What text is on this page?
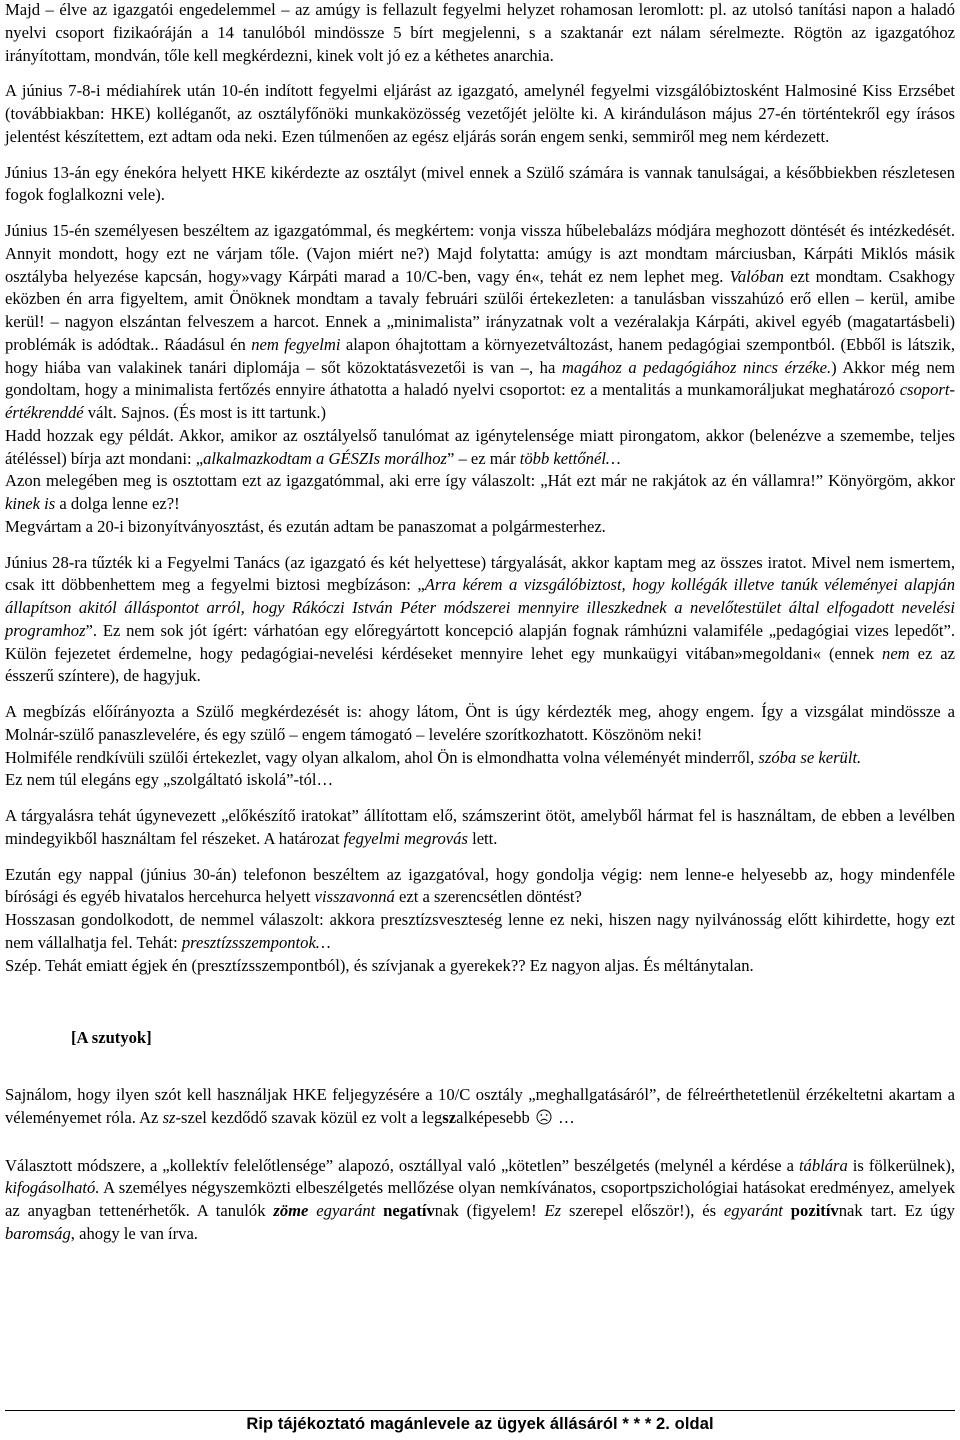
Majd – élve az igazgatói engedelemmel – az amúgy is fellazult fegyelmi helyzet rohamosan leromlott: pl. az utolsó tanítási napon a haladó nyelvi csoport fizikaóráján a 14 tanulóból mindössze 5 bírt megjelenni, s a szaktanár ezt nálam sérelmezte. Rögtön az igazgatóhoz irányítottam, mondván, tőle kell megkérdezni, kinek volt jó ez a kéthetes anarchia.

A június 7-8-i médiahírek után 10-én indított fegyelmi eljárást az igazgató, amelynél fegyelmi vizsgálóbiztosként Halmosiné Kiss Erzsébet (továbbiakban: HKE) kolléganőt, az osztályfőnöki munkaközösség vezetőjét jelölte ki. A kiránduláson május 27-én történtekről egy írásos jelentést készítettem, ezt adtam oda neki. Ezen túlmenően az egész eljárás során engem senki, semmiről meg nem kérdezett.

Június 13-án egy énekóra helyett HKE kikérdezte az osztályt (mivel ennek a Szülő számára is vannak tanulságai, a későbbiekben részletesen fogok foglalkozni vele).

Június 15-én személyesen beszéltem az igazgatómmal, és megkértem: vonja vissza hűbelebalázs módjára meghozott döntését és intézkedését. Annyit mondott, hogy ezt ne várjam tőle. (Vajon miért ne?) Majd folytatta: amúgy is azt mondtam márciusban, Kárpáti Miklós másik osztályba helyezése kapcsán, hogy»vagy Kárpáti marad a 10/C-ben, vagy én«, tehát ez nem lephet meg. Valóban ezt mondtam. Csakhogy eközben én arra figyeltem, amit Önöknek mondtam a tavaly februári szülői értekezleten: a tanulásban visszahúzó erő ellen – kerül, amibe kerül! – nagyon elszántan felveszem a harcot. Ennek a „minimalista” irányzatnak volt a vezéralakja Kárpáti, akivel egyéb (magatartásbeli) problémák is adódtak.. Ráadásul én nem fegyelmi alapon óhajtottam a környezetváltozást, hanem pedagógiai szempontból. (Ebből is látszik, hogy hiába van valakinek tanári diplomája – sőt közoktatásvezetői is van –, ha magához a pedagógiához nincs érzéke.) Akkor még nem gondoltam, hogy a minimalista fertőzés ennyire áthatotta a haladó nyelvi csoportot: ez a mentalitás a munkamoráljukat meghatározó csoport-értékrenddé vált. Sajnos. (És most is itt tartunk.)

Hadd hozzak egy példát. Akkor, amikor az osztályelső tanulómat az igénytelensége miatt pirongatom, akkor (belenézve a szemembe, teljes átéléssel) bírja azt mondani: „alkalmazkodtam a GÉSZIs morálhoz” – ez már több kettőnél…

Azon melegében meg is osztottam ezt az igazgatómmal, aki erre így válaszolt: „Hát ezt már ne rakjátok az én vállamra!” Könyörgöm, akkor kinek is a dolga lenne ez?!

Megvártam a 20-i bizonyítványosztást, és ezután adtam be panaszomat a polgármesterhez.

Június 28-ra tűzték ki a Fegyelmi Tanács (az igazgató és két helyettese) tárgyalását, akkor kaptam meg az összes iratot. Mivel nem ismertem, csak itt döbbenhettem meg a fegyelmi biztosi megbízáson: „Arra kérem a vizsgálóbiztost, hogy kollégák illetve tanúk véleményei alapján állapítson akitól álláspontot arról, hogy Rákóczi István Péter módszerei mennyire illeszkednek a nevelőtestület által elfogadott nevelési programhoz”. Ez nem sok jót ígért: várhatóan egy előregyártott koncepció alapján fognak rámhúzni valamiféle „pedagógiai vizes lepedőt”. Külön fejezetet érdemelne, hogy pedagógiai-nevelési kérdéseket mennyire lehet egy munkaügyi vitában»megoldani« (ennek nem ez az ésszerű színtere), de hagyjuk.

A megbízás előírányozta a Szülő megkérdezését is: ahogy látom, Önt is úgy kérdezték meg, ahogy engem. Így a vizsgálat mindössze a Molnár-szülő panaszlevelére, és egy szülő – engem támogató – levelére szorítkozhatott. Köszönöm neki!

Holmiféle rendkívüli szülői értekezlet, vagy olyan alkalom, ahol Ön is elmondhatta volna véleményét minderről, szóba se került.

Ez nem túl elegáns egy „szolgáltató iskolá”-tól…

A tárgyalásra tehát úgynevezett „előkészítő iratokat” állítottam elő, számszerint ötöt, amelyből hármat fel is használtam, de ebben a levélben mindegyikből használtam fel részeket. A határozat fegyelmi megrovás lett.

Ezután egy nappal (június 30-án) telefonon beszéltem az igazgatóval, hogy gondolja végig: nem lenne-e helyesebb az, hogy mindenféle bírósági és egyéb hivatalos hercehurca helyett visszavonná ezt a szerencsétlen döntést?

Hosszasan gondolkodott, de nemmel válaszolt: akkora presztízsveszteség lenne ez neki, hiszen nagy nyilvánosság előtt kihirdette, hogy ezt nem vállalhatja fel. Tehát: presztízsszempontok…

Szép. Tehát emiatt égjek én (presztízsszempontból), és szívjanak a gyerekek?? Ez nagyon aljas. És méltánytalan.

[A szutyok]

Sajnálom, hogy ilyen szót kell használjak HKE feljegyzésére a 10/C osztály „meghallgatásáról”, de félreérthetetlenül érzékeltetni akartam a véleményemet róla. Az sz-szel kezdődő szavak közül ez volt a legszalképesebb  …

Választott módszere, a „kollektív felelőtlensége” alapozó, osztállyal való „kötetlen” beszélgetés (melynél a kérdése a táblára is fölkerülnek), kifogásolható. A személyes négyszemközti elbeszélgetés mellőzése olyan nemkívánatos, csoportpszichológiai hatásokat eredményez, amelyek az anyagban tettenérhetők. A tanulók zöme egyaránt negatívnak (figyelem! Ez szerepel először!), és egyaránt pozitívnak tart. Ez úgy baromság, ahogy le van írva.

Rip tájékoztató magánlevele az ügyek állásáról * * * 2. oldal
